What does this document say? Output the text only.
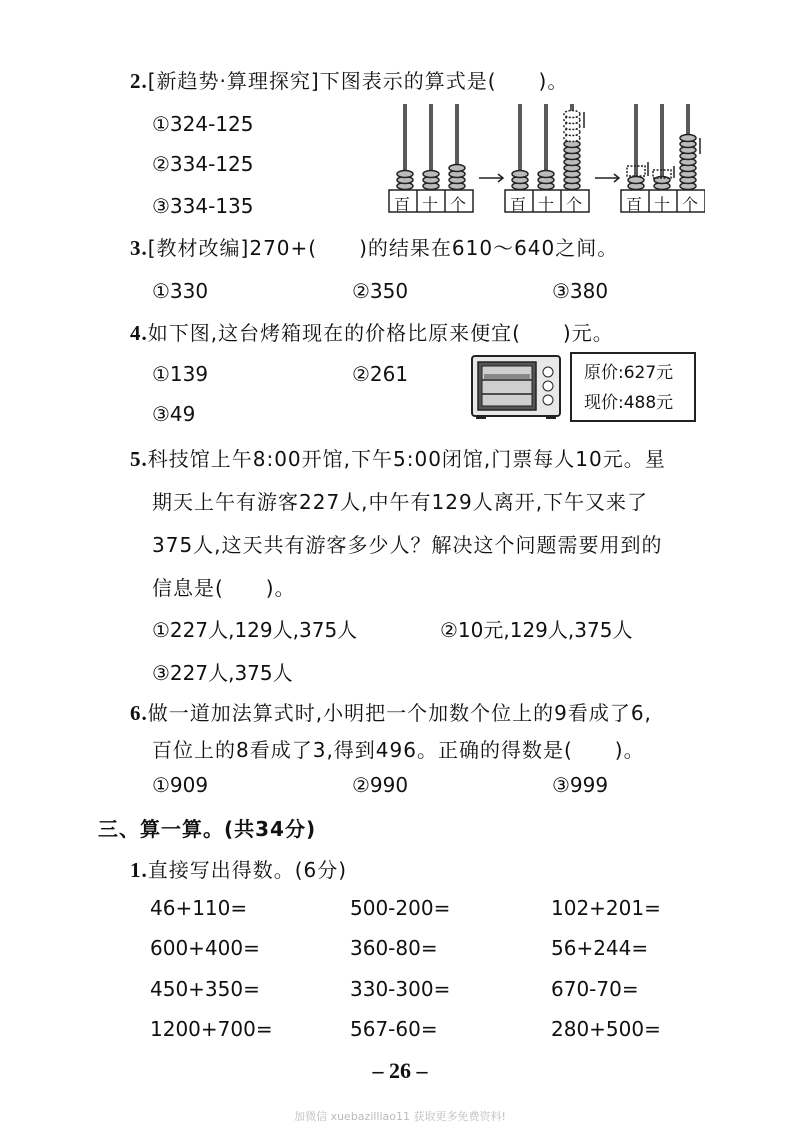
2.[新趋势·算理探究]下图表示的算式是(　　)。
①324-125
②334-125
③334-135	百 十 个	百 十 个	百 十 个
3.[教材改编]270+(　　)的结果在610～640之间。
①330	②350	③380
4.如下图,这台烤箱现在的价格比原来便宜(　　)元。
①139	②261
③49
原价:627元
现价:488元
5.科技馆上午8:00开馆,下午5:00闭馆,门票每人10元。星
期天上午有游客227人,中午有129人离开,下午又来了
375人,这天共有游客多少人？解决这个问题需要用到的
信息是(　　)。
①227人,129人,375人	②10元,129人,375人
③227人,375人
6.做一道加法算式时,小明把一个加数个位上的9看成了6,
百位上的8看成了3,得到496。正确的得数是(　　)。
①909	②990	③999
三、算一算。(共34分)
1.直接写出得数。(6分)
46+110=	500-200=	102+201=
600+400=	360-80=	56+244=
450+350=	330-300=	670-70=
1200+700=	567-60=	280+500=
– 26 –
加微信 xuebazilliao11 获取更多免费资料!
